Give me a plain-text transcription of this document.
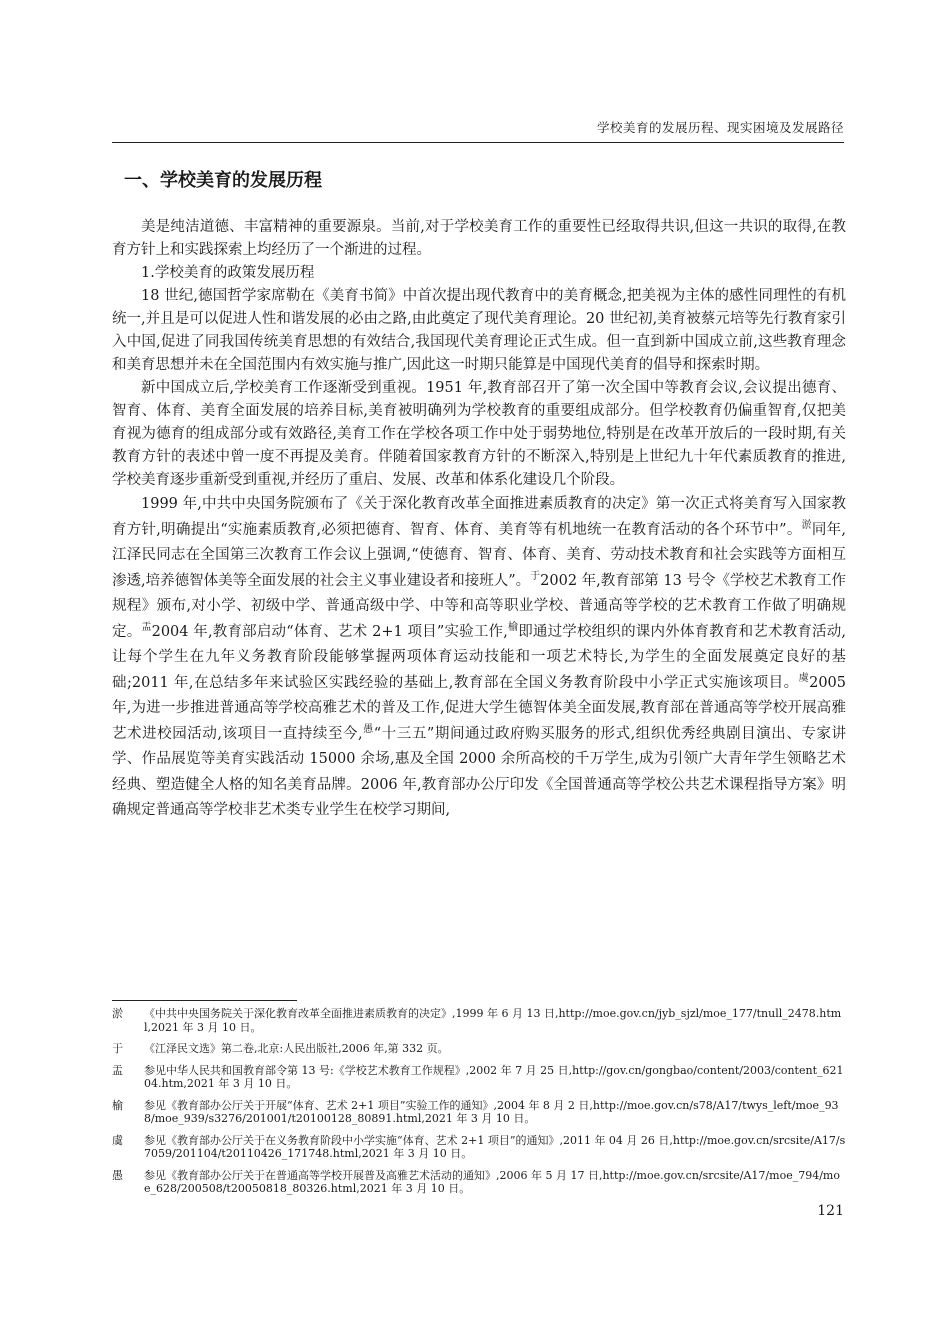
学校美育的发展历程、现实困境及发展路径
一、学校美育的发展历程

美是纯洁道德、丰富精神的重要源泉。当前,对于学校美育工作的重要性已经取得共识,但这一共识的取得,在教育方针上和实践探索上均经历了一个渐进的过程。

1.学校美育的政策发展历程

18 世纪,德国哲学家席勒在《美育书简》中首次提出现代教育中的美育概念,把美视为主体的感性同理性的有机统一,并且是可以促进人性和谐发展的必由之路,由此奠定了现代美育理论。20 世纪初,美育被蔡元培等先行教育家引入中国,促进了同我国传统美育思想的有效结合,我国现代美育理论正式生成。但一直到新中国成立前,这些教育理念和美育思想并未在全国范围内有效实施与推广,因此这一时期只能算是中国现代美育的倡导和探索时期。

新中国成立后,学校美育工作逐渐受到重视。1951 年,教育部召开了第一次全国中等教育会议,会议提出德育、智育、体育、美育全面发展的培养目标,美育被明确列为学校教育的重要组成部分。但学校教育仍偏重智育,仅把美育视为德育的组成部分或有效路径,美育工作在学校各项工作中处于弱势地位,特别是在改革开放后的一段时期,有关教育方针的表述中曾一度不再提及美育。伴随着国家教育方针的不断深入,特别是上世纪九十年代素质教育的推进,学校美育逐步重新受到重视,并经历了重启、发展、改革和体系化建设几个阶段。

1999 年,中共中央国务院颁布了《关于深化教育改革全面推进素质教育的决定》第一次正式将美育写入国家教育方针,明确提出“实施素质教育,必须把德育、智育、体育、美育等有机地统一在教育活动的各个环节中”。$^淤$同年,江泽民同志在全国第三次教育工作会议上强调,“使德育、智育、体育、美育、劳动技术教育和社会实践等方面相互渗透,培养德智体美等全面发展的社会主义事业建设者和接班人”。$^于$2002 年,教育部第 13 号令《学校艺术教育工作规程》颁布,对小学、初级中学、普通高级中学、中等和高等职业学校、普通高等学校的艺术教育工作做了明确规定。$^盂$2004 年,教育部启动“体育、艺术 2+1 项目”实验工作,$^榆$即通过学校组织的课内外体育教育和艺术教育活动,让每个学生在九年义务教育阶段能够掌握两项体育运动技能和一项艺术特长,为学生的全面发展奠定良好的基础;2011 年,在总结多年来试验区实践经验的基础上,教育部在全国义务教育阶段中小学正式实施该项目。$^虞$2005 年,为进一步推进普通高等学校高雅艺术的普及工作,促进大学生德智体美全面发展,教育部在普通高等学校开展高雅艺术进校园活动,该项目一直持续至今,$^愚$“十三五”期间通过政府购买服务的形式,组织优秀经典剧目演出、专家讲学、作品展览等美育实践活动 15000 余场,惠及全国 2000 余所高校的千万学生,成为引领广大青年学生领略艺术经典、塑造健全人格的知名美育品牌。2006 年,教育部办公厅印发《全国普通高等学校公共艺术课程指导方案》明确规定普通高等学校非艺术类专业学生在校学习期间,

淤	《中共中央国务院关于深化教育改革全面推进素质教育的决定》,1999 年 6 月 13 日,http://moe.gov.cn/jyb_sjzl/moe_177/tnull_2478.html,2021 年 3 月 10 日。
于	《江泽民文选》第二卷,北京:人民出版社,2006 年,第 332 页。
盂	参见中华人民共和国教育部令第 13 号:《学校艺术教育工作规程》,2002 年 7 月 25 日,http://gov.cn/gongbao/content/2003/content_62104.htm,2021 年 3 月 10 日。
榆	参见《教育部办公厅关于开展“体育、艺术 2+1 项目”实验工作的通知》,2004 年 8 月 2 日,http://moe.gov.cn/s78/A17/twys_left/moe_938/moe_939/s3276/201001/t20100128_80891.html,2021 年 3 月 10 日。
虞	参见《教育部办公厅关于在义务教育阶段中小学实施“体育、艺术 2+1 项目”的通知》,2011 年 04 月 26 日,http://moe.gov.cn/srcsite/A17/s7059/201104/t20110426_171748.html,2021 年 3 月 10 日。
愚	参见《教育部办公厅关于在普通高等学校开展普及高雅艺术活动的通知》,2006 年 5 月 17 日,http://moe.gov.cn/srcsite/A17/moe_794/moe_628/200508/t20050818_80326.html,2021 年 3 月 10 日。
121
